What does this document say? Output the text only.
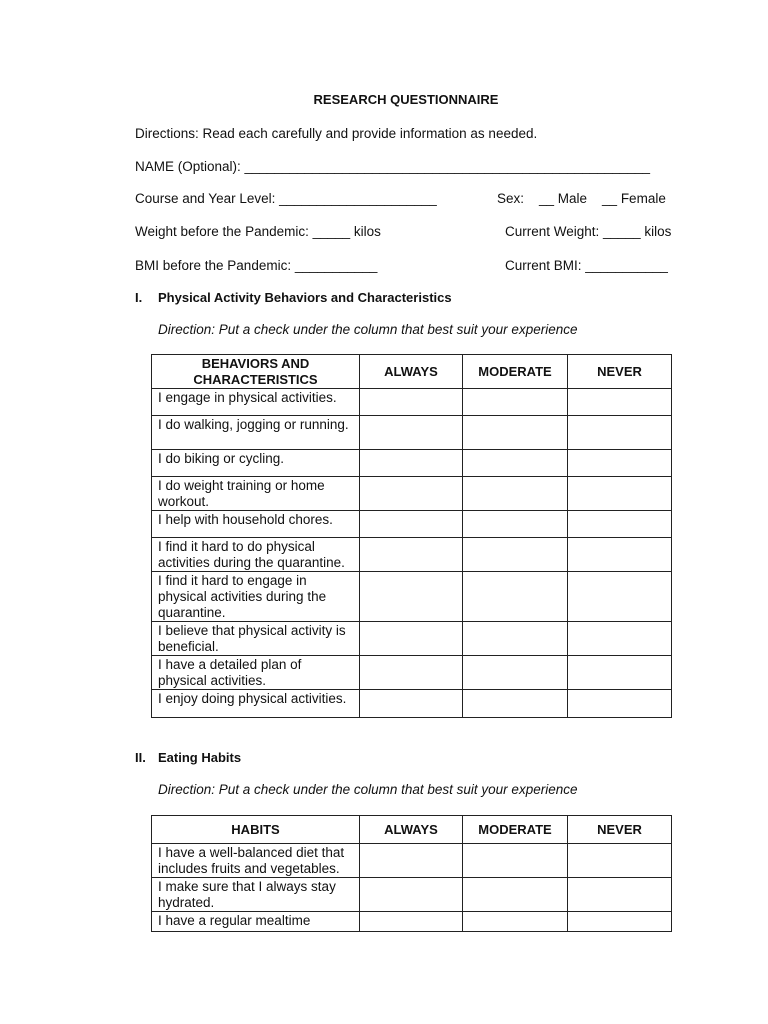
RESEARCH QUESTIONNAIRE
Directions: Read each carefully and provide information as needed.
NAME (Optional): ______________________________________________________
Course and Year Level: _____________________	Sex:    __ Male    __ Female
Weight before the Pandemic: _____ kilos	Current Weight: _____ kilos
BMI before the Pandemic: ___________	Current BMI: ___________
I. Physical Activity Behaviors and Characteristics
Direction: Put a check under the column that best suit your experience
BEHAVIORS AND CHARACTERISTICS	ALWAYS	MODERATE	NEVER
I engage in physical activities.			
I do walking, jogging or running.			
I do biking or cycling.			
I do weight training or home workout.			
I help with household chores.			
I find it hard to do physical activities during the quarantine.			
I find it hard to engage in physical activities during the quarantine.			
I believe that physical activity is beneficial.			
I have a detailed plan of physical activities.			
I enjoy doing physical activities.			
II. Eating Habits
Direction: Put a check under the column that best suit your experience
HABITS	ALWAYS	MODERATE	NEVER
I have a well-balanced diet that includes fruits and vegetables.			
I make sure that I always stay hydrated.			
I have a regular mealtime			
